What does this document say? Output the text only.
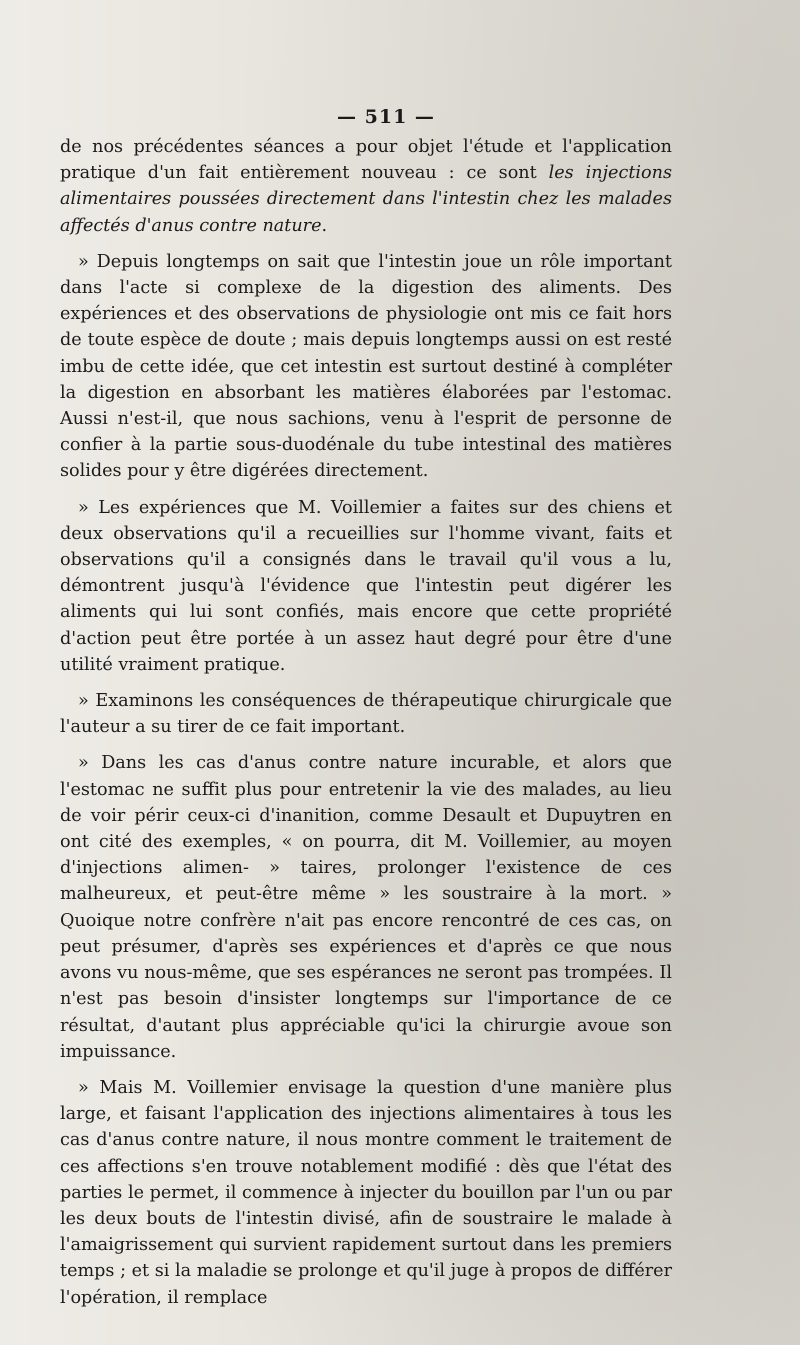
— 511 —

de nos précédentes séances a pour objet l'étude et l'application pratique d'un fait entièrement nouveau : ce sont les injections alimentaires poussées directement dans l'intestin chez les malades affectés d'anus contre nature.

» Depuis longtemps on sait que l'intestin joue un rôle important dans l'acte si complexe de la digestion des aliments. Des expériences et des observations de physiologie ont mis ce fait hors de toute espèce de doute ; mais depuis longtemps aussi on est resté imbu de cette idée, que cet intestin est surtout destiné à compléter la digestion en absorbant les matières élaborées par l'estomac. Aussi n'est-il, que nous sachions, venu à l'esprit de personne de confier à la partie sous-duodénale du tube intestinal des matières solides pour y être digérées directement.

» Les expériences que M. Voillemier a faites sur des chiens et deux observations qu'il a recueillies sur l'homme vivant, faits et observations qu'il a consignés dans le travail qu'il vous a lu, démontrent jusqu'à l'évidence que l'intestin peut digérer les aliments qui lui sont confiés, mais encore que cette propriété d'action peut être portée à un assez haut degré pour être d'une utilité vraiment pratique.

» Examinons les conséquences de thérapeutique chirurgicale que l'auteur a su tirer de ce fait important.

» Dans les cas d'anus contre nature incurable, et alors que l'estomac ne suffit plus pour entretenir la vie des malades, au lieu de voir périr ceux-ci d'inanition, comme Desault et Dupuytren en ont cité des exemples, « on pourra, dit M. Voillemier, au moyen d'injections alimen- » taires, prolonger l'existence de ces malheureux, et peut-être même » les soustraire à la mort. » Quoique notre confrère n'ait pas encore rencontré de ces cas, on peut présumer, d'après ses expériences et d'après ce que nous avons vu nous-même, que ses espérances ne seront pas trompées. Il n'est pas besoin d'insister longtemps sur l'importance de ce résultat, d'autant plus appréciable qu'ici la chirurgie avoue son impuissance.

» Mais M. Voillemier envisage la question d'une manière plus large, et faisant l'application des injections alimentaires à tous les cas d'anus contre nature, il nous montre comment le traitement de ces affections s'en trouve notablement modifié : dès que l'état des parties le permet, il commence à injecter du bouillon par l'un ou par les deux bouts de l'intestin divisé, afin de soustraire le malade à l'amaigrissement qui survient rapidement surtout dans les premiers temps ; et si la maladie se prolonge et qu'il juge à propos de différer l'opération, il remplace
